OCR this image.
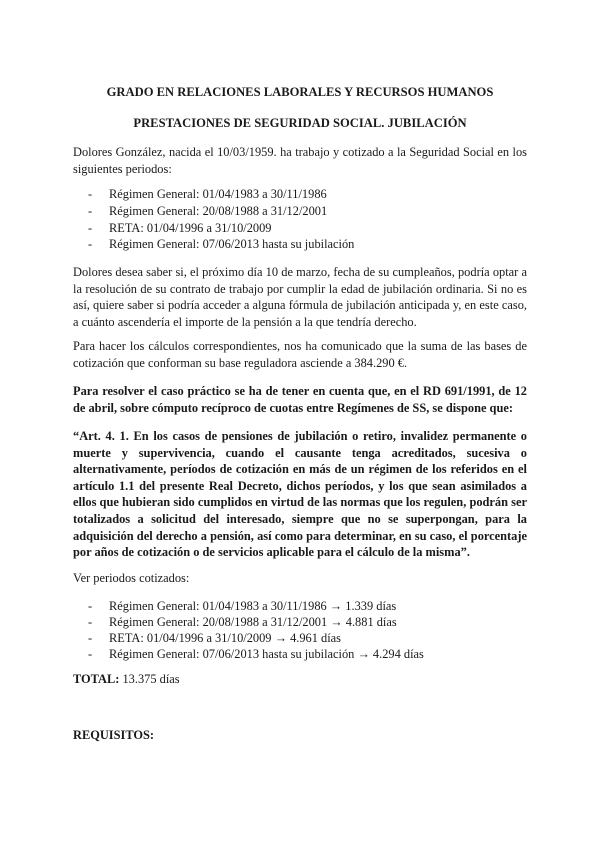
GRADO EN RELACIONES LABORALES Y RECURSOS HUMANOS
PRESTACIONES DE SEGURIDAD SOCIAL. JUBILACIÓN
Dolores González, nacida el 10/03/1959. ha trabajo y cotizado a la Seguridad Social en los siguientes periodos:
- Régimen General: 01/04/1983 a 30/11/1986
- Régimen General: 20/08/1988 a 31/12/2001
- RETA: 01/04/1996 a 31/10/2009
- Régimen General: 07/06/2013 hasta su jubilación
Dolores desea saber si, el próximo día 10 de marzo, fecha de su cumpleaños, podría optar a la resolución de su contrato de trabajo por cumplir la edad de jubilación ordinaria. Si no es así, quiere saber si podría acceder a alguna fórmula de jubilación anticipada y, en este caso, a cuánto ascendería el importe de la pensión a la que tendría derecho.
Para hacer los cálculos correspondientes, nos ha comunicado que la suma de las bases de cotización que conforman su base reguladora asciende a 384.290 €.
Para resolver el caso práctico se ha de tener en cuenta que, en el RD 691/1991, de 12 de abril, sobre cómputo recíproco de cuotas entre Regímenes de SS, se dispone que:
“Art. 4. 1. En los casos de pensiones de jubilación o retiro, invalidez permanente o muerte y supervivencia, cuando el causante tenga acreditados, sucesiva o alternativamente, períodos de cotización en más de un régimen de los referidos en el artículo 1.1 del presente Real Decreto, dichos períodos, y los que sean asimilados a ellos que hubieran sido cumplidos en virtud de las normas que los regulen, podrán ser totalizados a solicitud del interesado, siempre que no se superpongan, para la adquisición del derecho a pensión, así como para determinar, en su caso, el porcentaje por años de cotización o de servicios aplicable para el cálculo de la misma”.
Ver periodos cotizados:
- Régimen General: 01/04/1983 a 30/11/1986 → 1.339 días
- Régimen General: 20/08/1988 a 31/12/2001 → 4.881 días
- RETA: 01/04/1996 a 31/10/2009 → 4.961 días
- Régimen General: 07/06/2013 hasta su jubilación → 4.294 días
TOTAL: 13.375 días
REQUISITOS:
